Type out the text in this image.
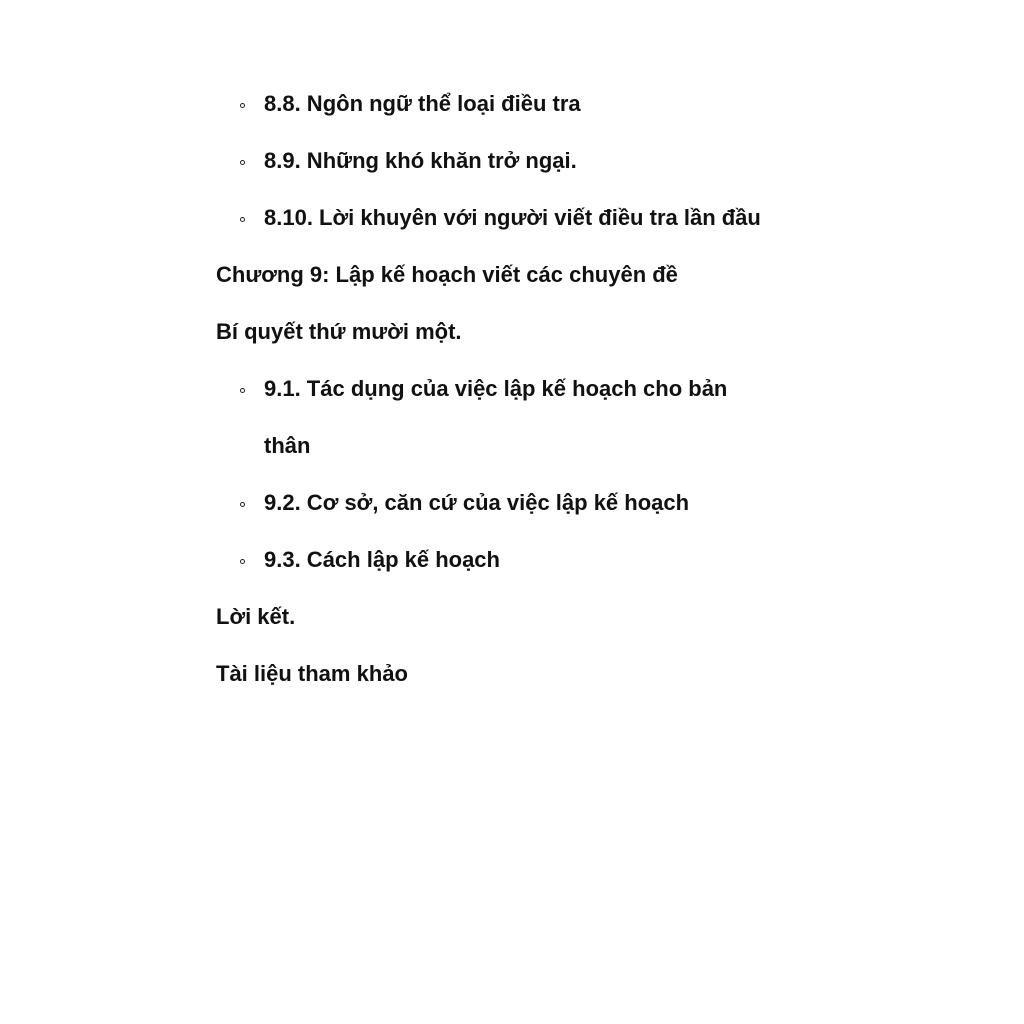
8.8. Ngôn ngữ thể loại điều tra
8.9. Những khó khăn trở ngại.
8.10. Lời khuyên với người viết điều tra lần đầu
Chương 9: Lập kế hoạch viết các chuyên đề
Bí quyết thứ mười một.
9.1. Tác dụng của việc lập kế hoạch cho bản
thân
9.2. Cơ sở, căn cứ của việc lập kế hoạch
9.3. Cách lập kế hoạch
Lời kết.
Tài liệu tham khảo
